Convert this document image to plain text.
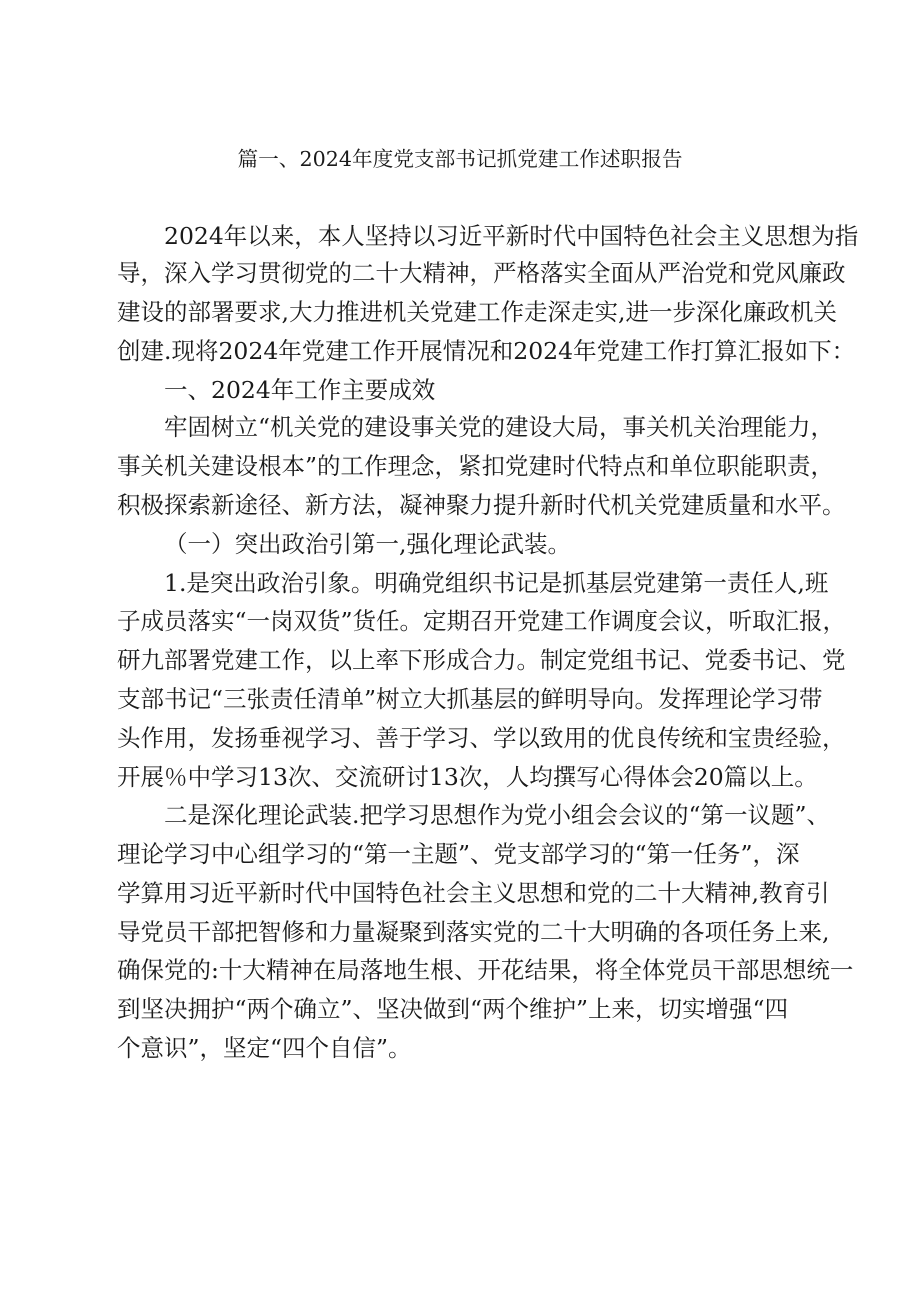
篇一、2024年度党支部书记抓党建工作述职报告
2024年以来，本人坚持以习近平新时代中国特色社会主义思想为指
导，深入学习贯彻党的二十大精神，严格落实全面从严治党和党风廉政
建设的部署要求,大力推进机关党建工作走深走实,进一步深化廉政机关
创建.现将2024年党建工作开展情况和2024年党建工作打算汇报如下：
一、2024年工作主要成效
牢固树立“机关党的建设事关党的建设大局，事关机关治理能力，
事关机关建设根本”的工作理念，紧扣党建时代特点和单位职能职责，
积极探索新途径、新方法，凝神聚力提升新时代机关党建质量和水平。
（一）突出政治引第一,强化理论武装。
1.是突出政治引象。明确党组织书记是抓基层党建第一责任人,班
子成员落实“一岗双货”货任。定期召开党建工作调度会议，听取汇报，
研九部署党建工作，以上率下形成合力。制定党组书记、党委书记、党
支部书记“三张责任清单”树立大抓基层的鲜明导向。发挥理论学习带
头作用，发扬垂视学习、善于学习、学以致用的优良传统和宝贵经验，
开展％中学习13次、交流研讨13次，人均撰写心得体会20篇以上。
二是深化理论武装.把学习思想作为党小组会会议的“第一议题”、
理论学习中心组学习的“第一主题”、党支部学习的“第一任务”，深
学算用习近平新时代中国特色社会主义思想和党的二十大精神,教育引
导党员干部把智修和力量凝聚到落实党的二十大明确的各项任务上来,
确保党的:十大精神在局落地生根、开花结果，将全体党员干部思想统一
到坚决拥护“两个确立”、坚决做到“两个维护”上来，切实增强“四
个意识”，坚定“四个自信”。
